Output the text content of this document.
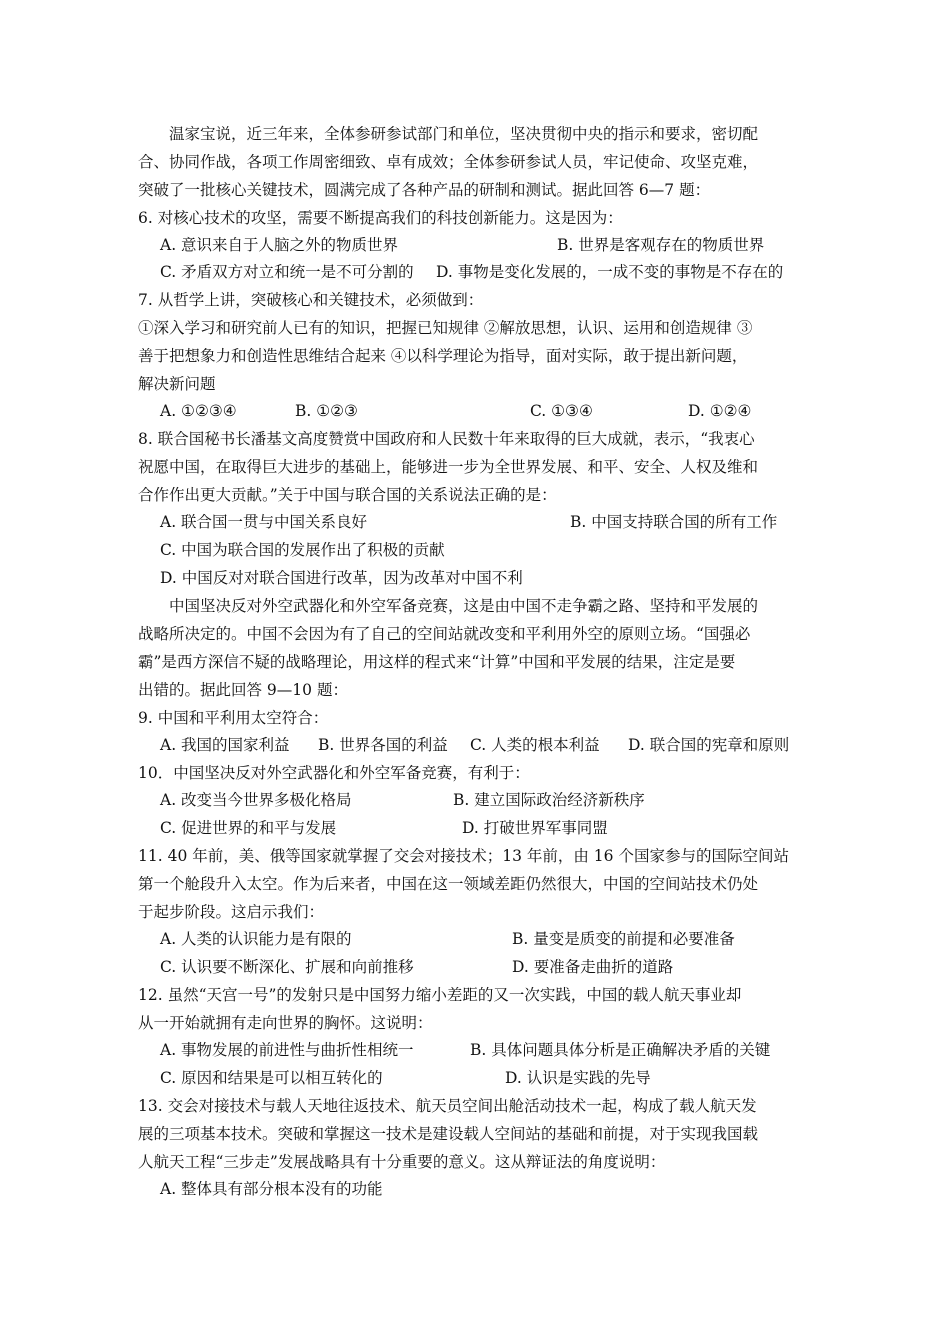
温家宝说，近三年来，全体参研参试部门和单位，坚决贯彻中央的指示和要求，密切配
合、协同作战，各项工作周密细致、卓有成效；全体参研参试人员，牢记使命、攻坚克难，
突破了一批核心关键技术，圆满完成了各种产品的研制和测试。据此回答 6—7 题：
6. 对核心技术的攻坚，需要不断提高我们的科技创新能力。这是因为：
A. 意识来自于人脑之外的物质世界	B. 世界是客观存在的物质世界
C. 矛盾双方对立和统一是不可分割的 D. 事物是变化发展的，一成不变的事物是不存在的
7. 从哲学上讲，突破核心和关键技术，必须做到：
①深入学习和研究前人已有的知识，把握已知规律 ②解放思想，认识、运用和创造规律 ③
善于把想象力和创造性思维结合起来 ④以科学理论为指导，面对实际，敢于提出新问题，
解决新问题
A. ①②③④	B. ①②③	C. ①③④	D. ①②④
8. 联合国秘书长潘基文高度赞赏中国政府和人民数十年来取得的巨大成就，表示，“我衷心
祝愿中国，在取得巨大进步的基础上，能够进一步为全世界发展、和平、安全、人权及维和
合作作出更大贡献。”关于中国与联合国的关系说法正确的是：
A. 联合国一贯与中国关系良好	B. 中国支持联合国的所有工作
C. 中国为联合国的发展作出了积极的贡献
D. 中国反对对联合国进行改革，因为改革对中国不利
中国坚决反对外空武器化和外空军备竞赛，这是由中国不走争霸之路、坚持和平发展的
战略所决定的。中国不会因为有了自己的空间站就改变和平利用外空的原则立场。“国强必
霸”是西方深信不疑的战略理论，用这样的程式来“计算”中国和平发展的结果，注定是要
出错的。据此回答 9—10 题：
9. 中国和平利用太空符合：
A. 我国的国家利益 B. 世界各国的利益 C. 人类的根本利益 D. 联合国的宪章和原则
10．中国坚决反对外空武器化和外空军备竞赛，有利于：
A. 改变当今世界多极化格局	B. 建立国际政治经济新秩序
C. 促进世界的和平与发展	D. 打破世界军事同盟
11. 40 年前，美、俄等国家就掌握了交会对接技术；13 年前，由 16 个国家参与的国际空间站
第一个舱段升入太空。作为后来者，中国在这一领域差距仍然很大，中国的空间站技术仍处
于起步阶段。这启示我们：
A. 人类的认识能力是有限的	B. 量变是质变的前提和必要准备
C. 认识要不断深化、扩展和向前推移	D. 要准备走曲折的道路
12. 虽然“天宫一号”的发射只是中国努力缩小差距的又一次实践，中国的载人航天事业却
从一开始就拥有走向世界的胸怀。这说明：
A. 事物发展的前进性与曲折性相统一	B. 具体问题具体分析是正确解决矛盾的关键
C. 原因和结果是可以相互转化的	D. 认识是实践的先导
13. 交会对接技术与载人天地往返技术、航天员空间出舱活动技术一起，构成了载人航天发
展的三项基本技术。突破和掌握这一技术是建设载人空间站的基础和前提，对于实现我国载
人航天工程“三步走”发展战略具有十分重要的意义。这从辩证法的角度说明：
A. 整体具有部分根本没有的功能
